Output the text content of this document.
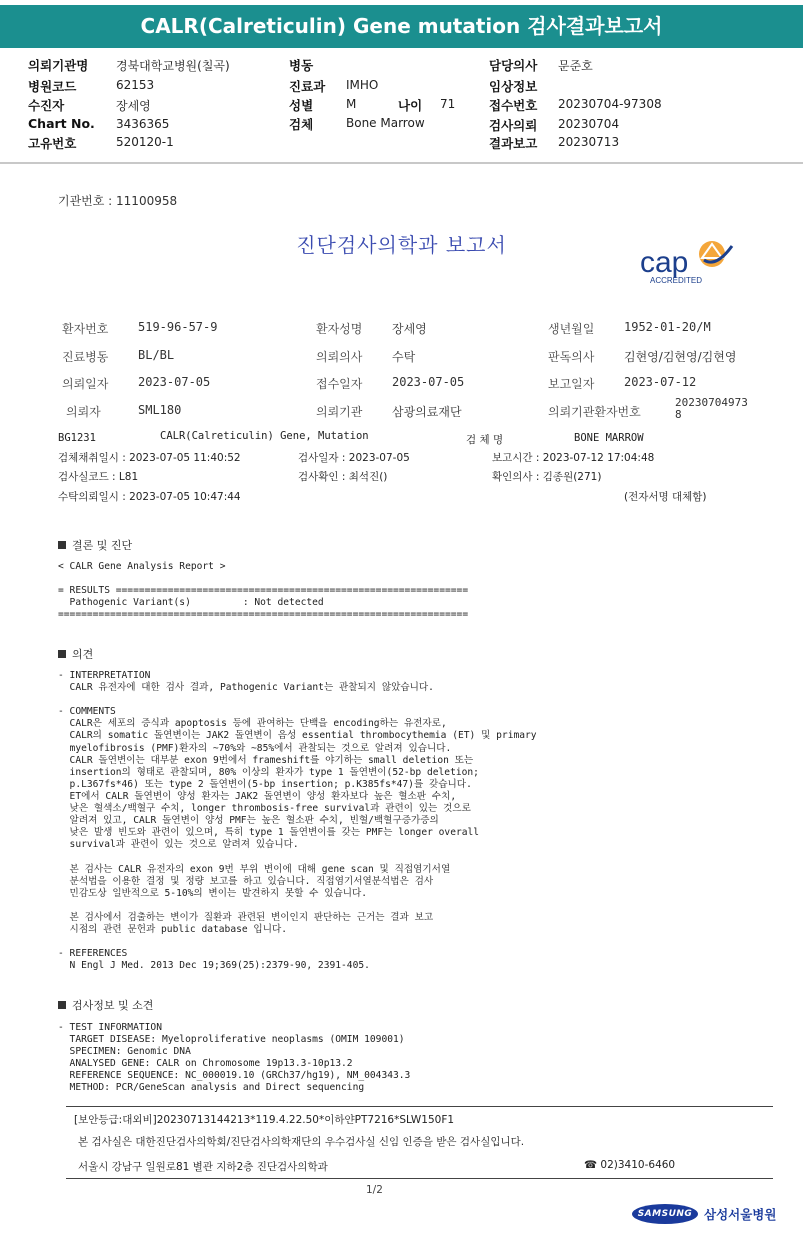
CALR(Calreticulin) Gene mutation 검사결과보고서
의뢰기관명 경북대학교병원(칠곡)
병원코드	62153
수진자	장세영
Chart No. 3436365
고유번호	520120-1
병동
진료과 IMHO
성별	M	나이 71
검체	Bone Marrow
담당의사 문준호
임상정보
접수번호 20230704-97308
검사의뢰 20230704
결과보고 20230713
기관번호 : 11100958
진단검사의학과 보고서
cap
ACCREDITED
환자번호 519-96-57-9	환자성명 장세영	생년월일 1952-01-20/M
진료병동 BL/BL	의뢰의사 수탁	판독의사 김현영/김현영/김현영
의뢰일자 2023-07-05	접수일자 2023-07-05	보고일자 2023-07-12
의뢰자	SML180	의뢰기관 삼광의료재단	의뢰기관환자번호
20230704973
8
BG1231	CALR(Calreticulin) Gene, Mutation	검 체 명	BONE MARROW
검체채취일시 : 2023-07-05 11:40:52	검사일자 : 2023-07-05	보고시간 : 2023-07-12 17:04:48
검사실코드 : L81	검사확인 : 최석진()	확인의사 : 김종원(271)
수탁의뢰일시 : 2023-07-05 10:47:44	(전자서명 대체함)
결론 및 진단
< CALR Gene Analysis Report >

= RESULTS =============================================================
Pathogenic Variant(s)         : Not detected
=======================================================================
의견
- INTERPRETATION
CALR 유전자에 대한 검사 결과, Pathogenic Variant는 관찰되지 않았습니다.

- COMMENTS
CALR은 세포의 증식과 apoptosis 등에 관여하는 단백을 encoding하는 유전자로,
CALR의 somatic 돌연변이는 JAK2 돌연변이 음성 essential thrombocythemia (ET) 및 primary
myelofibrosis (PMF)환자의 ~70%와 ~85%에서 관찰되는 것으로 알려져 있습니다.
CALR 돌연변이는 대부분 exon 9번에서 frameshift를 야기하는 small deletion 또는
insertion의 형태로 관찰되며, 80% 이상의 환자가 type 1 돌연변이(52-bp deletion;
p.L367fs*46) 또는 type 2 돌연변이(5-bp insertion; p.K385fs*47)를 갖습니다.
ET에서 CALR 돌연변이 양성 환자는 JAK2 돌연변이 양성 환자보다 높은 혈소판 수치,
낮은 혈색소/백혈구 수치, longer thrombosis-free survival과 관련이 있는 것으로
알려져 있고, CALR 돌연변이 양성 PMF는 높은 혈소판 수치, 빈혈/백혈구증가증의
낮은 발생 빈도와 관련이 있으며, 특히 type 1 돌연변이를 갖는 PMF는 longer overall
survival과 관련이 있는 것으로 알려져 있습니다.

본 검사는 CALR 유전자의 exon 9번 부위 변이에 대해 gene scan 및 직접염기서열
분석법을 이용한 결정 및 정량 보고를 하고 있습니다. 직접염기서열분석법은 검사
민감도상 일반적으로 5-10%의 변이는 발견하지 못할 수 있습니다.

본 검사에서 검출하는 변이가 질환과 관련된 변이인지 판단하는 근거는 결과 보고
시점의 관련 문헌과 public database 입니다.

- REFERENCES
N Engl J Med. 2013 Dec 19;369(25):2379-90, 2391-405.
검사정보 및 소견
- TEST INFORMATION
TARGET DISEASE: Myeloproliferative neoplasms (OMIM 109001)
SPECIMEN: Genomic DNA
ANALYSED GENE: CALR on Chromosome 19p13.3-10p13.2
REFERENCE SEQUENCE: NC_000019.10 (GRCh37/hg19), NM_004343.3
METHOD: PCR/GeneScan analysis and Direct sequencing
[보안등급:대외비]20230713144213*119.4.22.50*이하얀PT7216*SLW150F1
본 검사실은 대한진단검사의학회/진단검사의학재단의 우수검사실 신임 인증을 받은 검사실입니다.
서울시 강남구 일원로81 별관 지하2층 진단검사의학과	☎ 02)3410-6460
1/2
SAMSUNG 삼성서울병원
